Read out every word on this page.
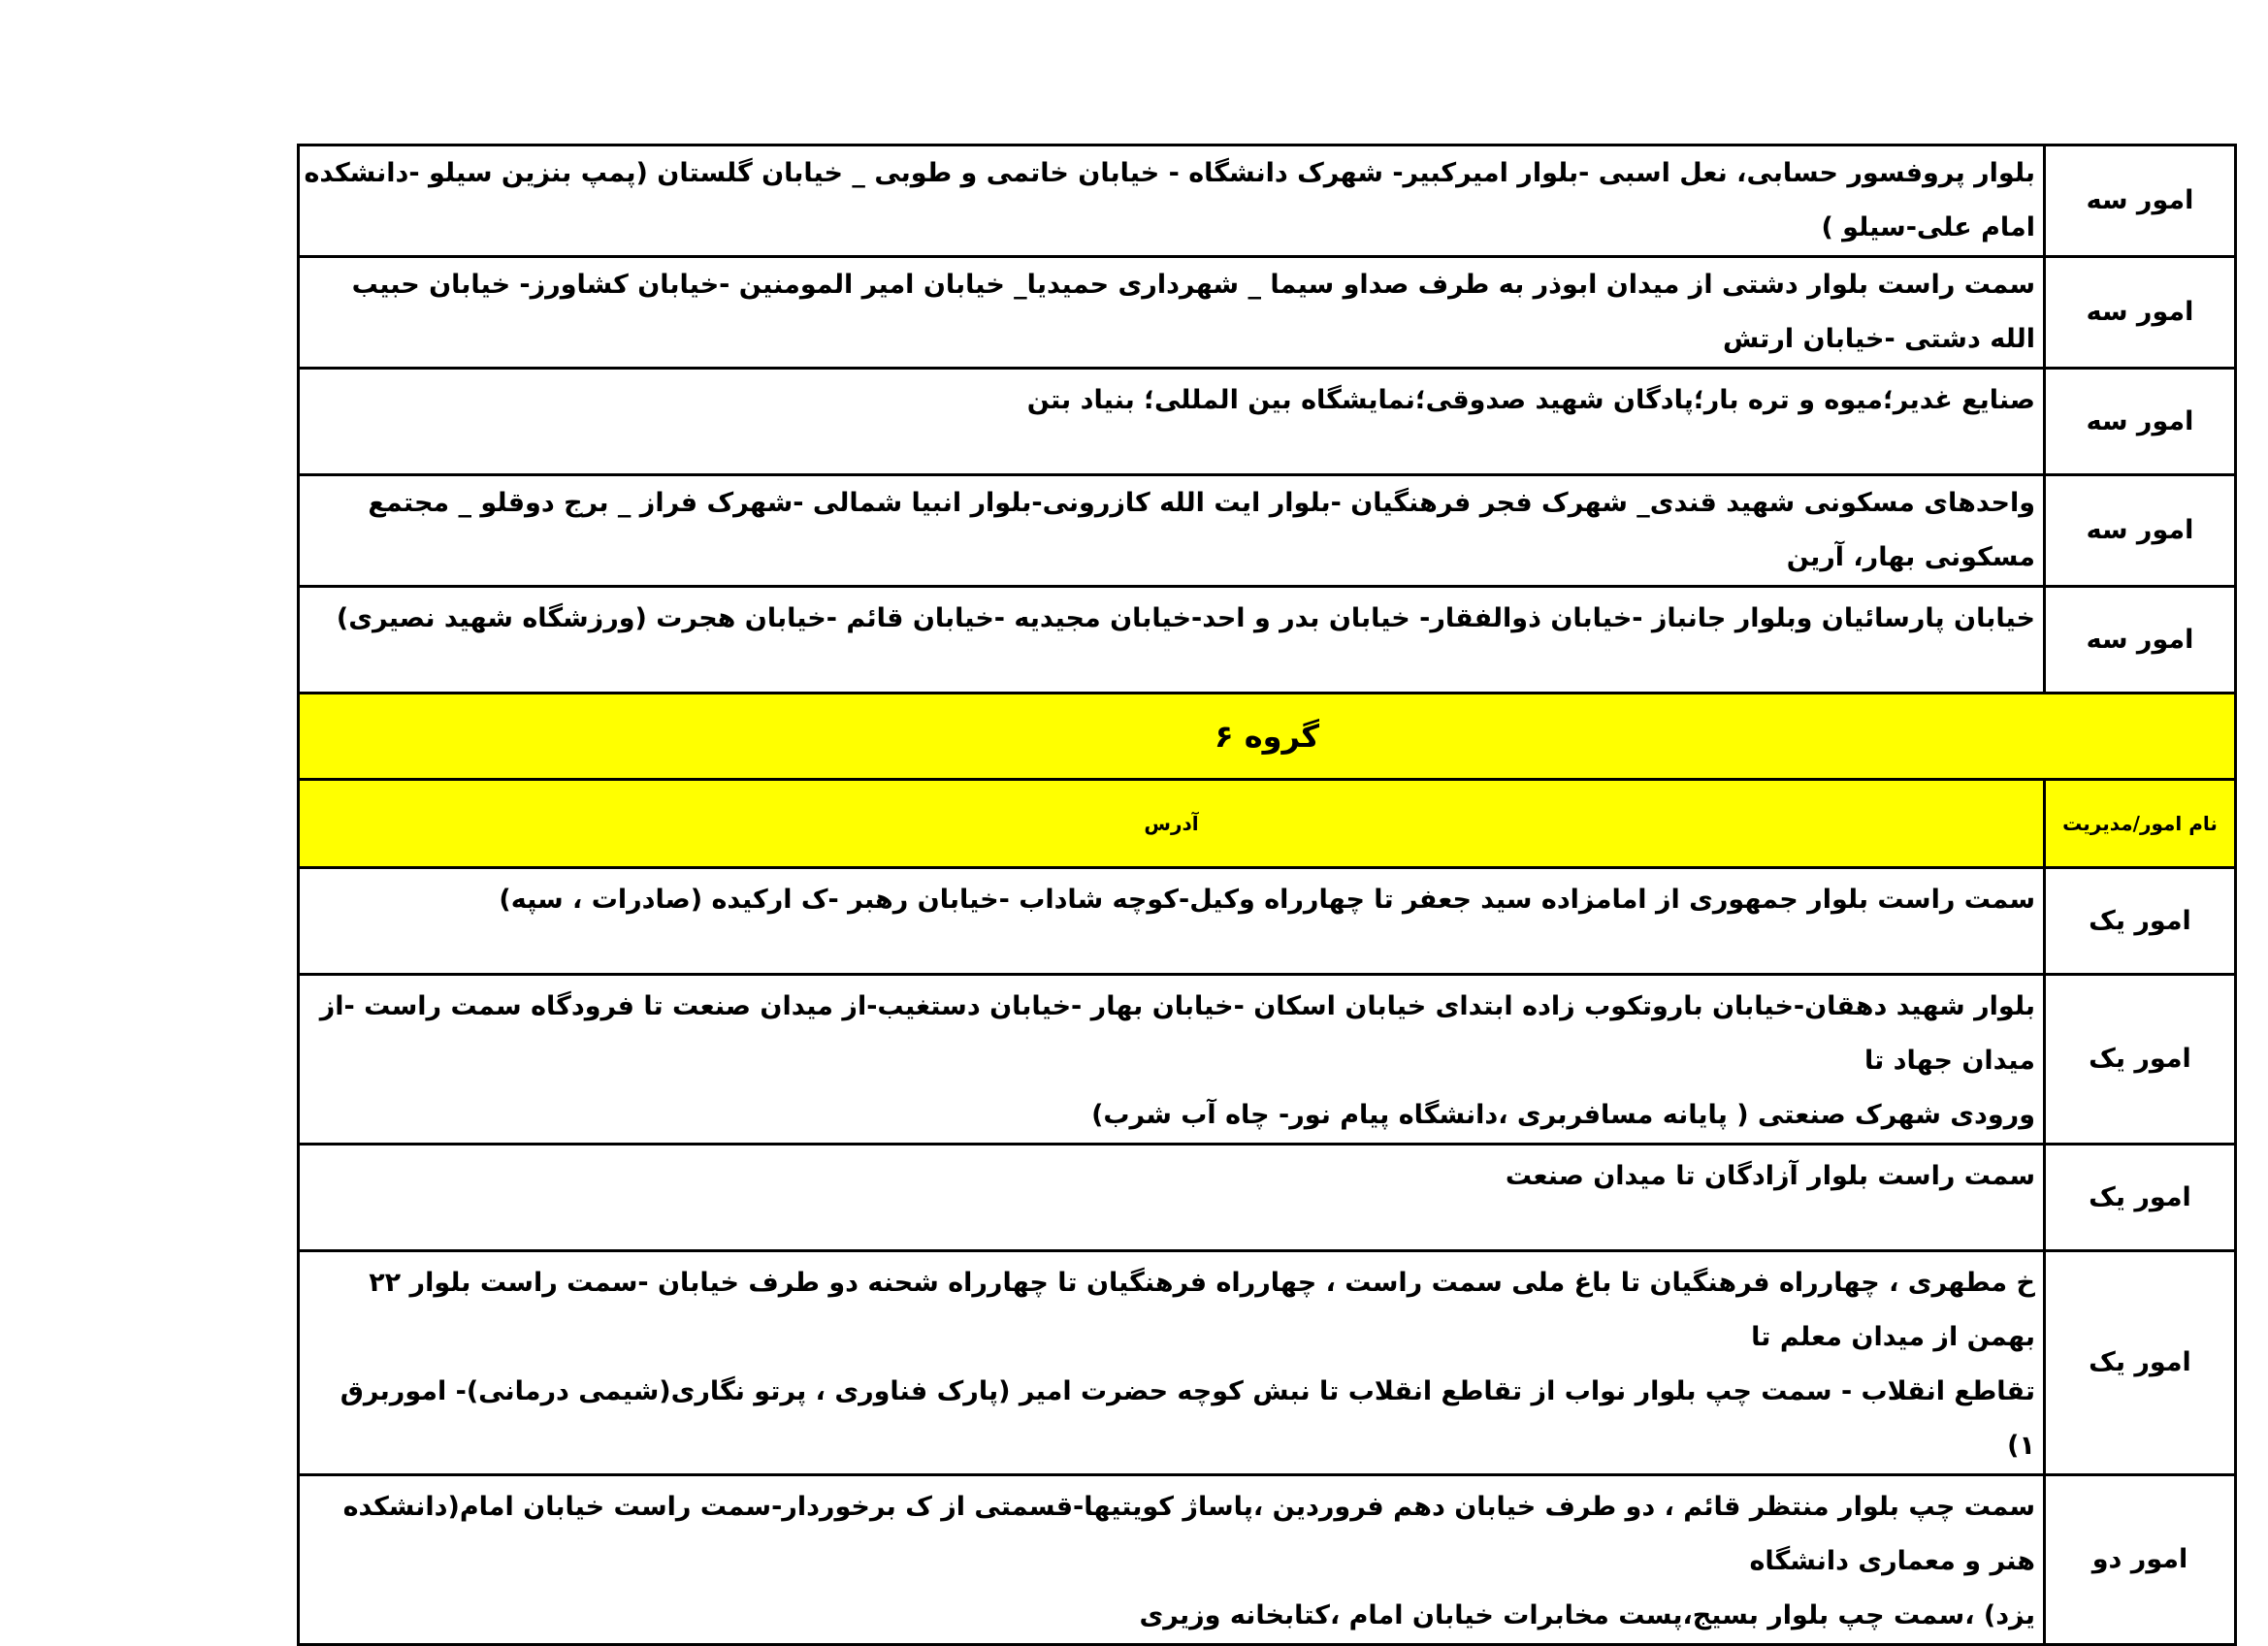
امور سه	بلوار پروفسور حسابی، نعل اسبی -بلوار امیرکبیر- شهرک دانشگاه - خیابان خاتمی و طوبی _ خیابان گلستان (پمپ بنزین سیلو -دانشکده امام علی-سیلو )

امور سه	سمت راست بلوار دشتی از میدان ابوذر به طرف صداو سیما _ شهرداری حمیدیا_ خیابان امیر المومنین -خیابان کشاورز- خیابان حبیب الله دشتی -خیابان ارتش

امور سه	صنایع غدیر؛میوه و تره بار؛پادگان شهید صدوقی؛نمایشگاه بین المللی؛ بنیاد بتن

امور سه	واحدهای مسکونی شهید قندی_ شهرک فجر فرهنگیان -بلوار ایت الله کازرونی-بلوار انبیا شمالی -شهرک فراز _ برج دوقلو _ مجتمع مسکونی بهار، آرین

امور سه	خیابان پارسائیان وبلوار جانباز -خیابان ذوالفقار- خیابان بدر و احد-خیابان مجیدیه -خیابان قائم -خیابان هجرت (ورزشگاه شهید نصیری)

گروه ۶	
نام امور/مدیریت	آدرس
امور یک	سمت راست بلوار جمهوری از امامزاده سید جعفر تا چهارراه وکیل-کوچه شاداب -خیابان رهبر -ک ارکیده (صادرات ، سپه)

امور یک	بلوار شهید دهقان-خیابان باروتکوب زاده ابتدای خیابان اسکان -خیابان بهار -خیابان دستغیب-از میدان صنعت تا فرودگاه سمت راست -از میدان جهاد تا
ورودی شهرک صنعتی ( پایانه مسافربری ،دانشگاه پیام نور- چاه آب شرب)

امور یک	سمت راست بلوار آزادگان تا میدان صنعت

امور یک	خ مطهری ، چهارراه فرهنگیان تا باغ ملی سمت راست ، چهارراه فرهنگیان تا چهارراه شحنه دو طرف خیابان -سمت راست بلوار ۲۲ بهمن از میدان معلم تا
تقاطع انقلاب - سمت چپ بلوار نواب از تقاطع انقلاب تا نبش کوچه حضرت امیر (پارک فناوری ، پرتو نگاری(شیمی درمانی)- اموربرق ۱)

امور دو	سمت چپ بلوار منتظر قائم ، دو طرف خیابان دهم فروردین ،پاساژ کویتیها-قسمتی از ک برخوردار-سمت راست خیابان امام(دانشکده هنر و معماری دانشگاه
یزد) ،سمت چپ بلوار بسیج،پست مخابرات خیابان امام ،کتابخانه وزیری
